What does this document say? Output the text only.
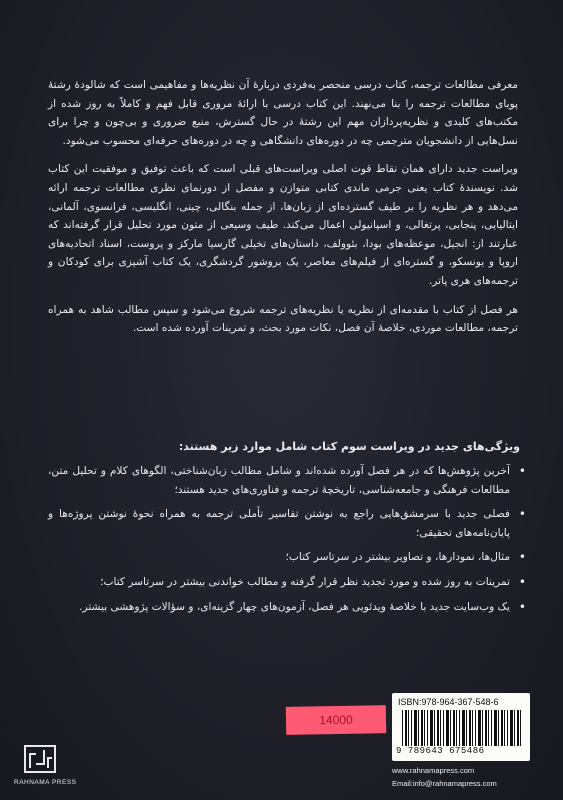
معرفی مطالعات ترجمه، کتاب درسی منحصر به‌فردی دربارهٔ آن نظریه‌ها و مفاهیمی است که شالودهٔ رشتهٔ پویای مطالعات ترجمه را بنا می‌نهند. این کتاب درسی با ارائهٔ مروری قابل فهم و کاملاً به روز شده از مکتب‌های کلیدی و نظریه‌پردازان مهم این رشتهٔ در حال گسترش، منبع ضروری و بی‌چون و چرا برای نسل‌هایی از دانشجویان مترجمی چه در دوره‌های دانشگاهی و چه در دوره‌های حرفه‌ای محسوب می‌شود.

ویراست جدید دارای همان نقاط قوت اصلی ویراست‌های قبلی است که باعث توفیق و موفقیت این کتاب شد. نویسندهٔ کتاب یعنی جرمی ماندی کتابی متوازن و مفصل از دورنمای نظری مطالعات ترجمه ارائه می‌دهد و هر نظریه را بر طیف گسترده‌ای از زبان‌ها، از جمله بنگالی، چینی، انگلیسی، فرانسوی، آلمانی، ایتالیایی، پنجابی، پرتغالی، و اسپانیولی اعمال می‌کند. طیف وسیعی از متون مورد تحلیل قرار گرفته‌اند که عبارتند از: انجیل، موعظه‌های بودا، بئوولف، داستان‌های تخیلی گارسیا مارکز و پروست، اسناد اتحادیه‌های اروپا و یونسکو، و گستره‌ای از فیلم‌های معاصر، یک بروشور گردشگری، یک کتاب آشپزی برای کودکان و ترجمه‌های هری پاتر.

هر فصل از کتاب با مقدمه‌ای از نظریه یا نظریه‌های ترجمه شروع می‌شود و سپس مطالب شاهد به همراه ترجمه، مطالعات موردی، خلاصهٔ آن فصل، نکات مورد بحث، و تمرینات آورده شده است.

ویژگی‌های جدید در ویراست سوم کتاب شامل موارد زیر هستند:
• آخرین پژوهش‌ها که در هر فصل آورده شده‌اند و شامل مطالب زبان‌شناختی، الگوهای کلام و تحلیل متن، مطالعات فرهنگی و جامعه‌شناسی، تاریخچهٔ ترجمه و فناوری‌های جدید هستند؛
• فصلی جدید با سرمشق‌هایی راجع به نوشتن تفاسیر تأملی ترجمه به همراه نحوهٔ نوشتن پروژه‌ها و پایان‌نامه‌های تحقیقی؛
• مثال‌ها، نمودارها، و تصاویر بیشتر در سرتاسر کتاب؛
• تمرینات به روز شده و مورد تجدید نظر قرار گرفته و مطالب خواندنی بیشتر در سرتاسر کتاب؛
• یک وب‌سایت جدید با خلاصهٔ ویدئویی هر فصل، آزمون‌های چهار گزینه‌ای، و سؤالات پژوهشی بیشتر.
14000
ISBN:978-964-367-548-6
9 789643 675486
RAHNAMA PRESS
www.rahnamapress.com
Email:info@rahnamapress.com
